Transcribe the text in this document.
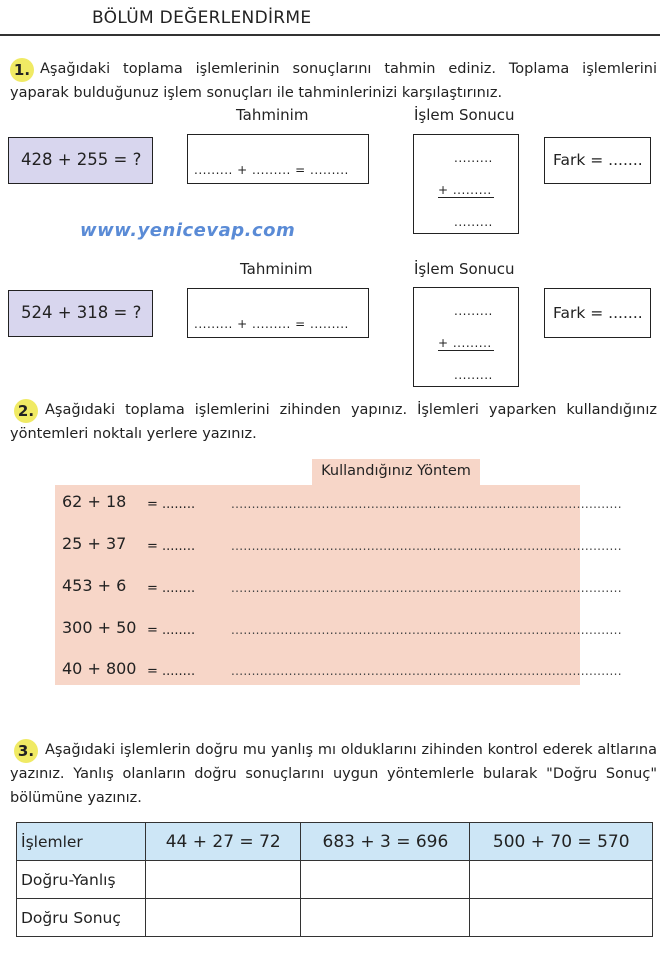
BÖLÜM DEĞERLENDİRME
1. Aşağıdaki toplama işlemlerinin sonuçlarını tahmin ediniz. Toplama işlemlerini yaparak bulduğunuz işlem sonuçları ile tahminlerinizi karşılaştırınız.
Tahminim	İşlem Sonucu
428 + 255 = ?
......... + ......... = .........
.........
+ .........
.........
Fark = .......
www.yenicevap.com
Tahminim	İşlem Sonucu
524 + 318 = ?
......... + ......... = .........
.........
+ .........
.........
Fark = .......
2. Aşağıdaki toplama işlemlerini zihinden yapınız. İşlemleri yaparken kullandığınız yöntemleri noktalı yerlere yazınız.
Kullandığınız Yöntem
62 + 18 = ........	...............................................................................................
25 + 37 = ........	...............................................................................................
453 + 6 = ........	...............................................................................................
300 + 50 = ........	...............................................................................................
40 + 800 = ........	...............................................................................................
3. Aşağıdaki işlemlerin doğru mu yanlış mı olduklarını zihinden kontrol ederek altlarına yazınız. Yanlış olanların doğru sonuçlarını uygun yöntemlerle bularak "Doğru Sonuç" bölümüne yazınız.
İşlemler	44 + 27 = 72	683 + 3 = 696	500 + 70 = 570
Doğru-Yanlış			
Doğru Sonuç			
